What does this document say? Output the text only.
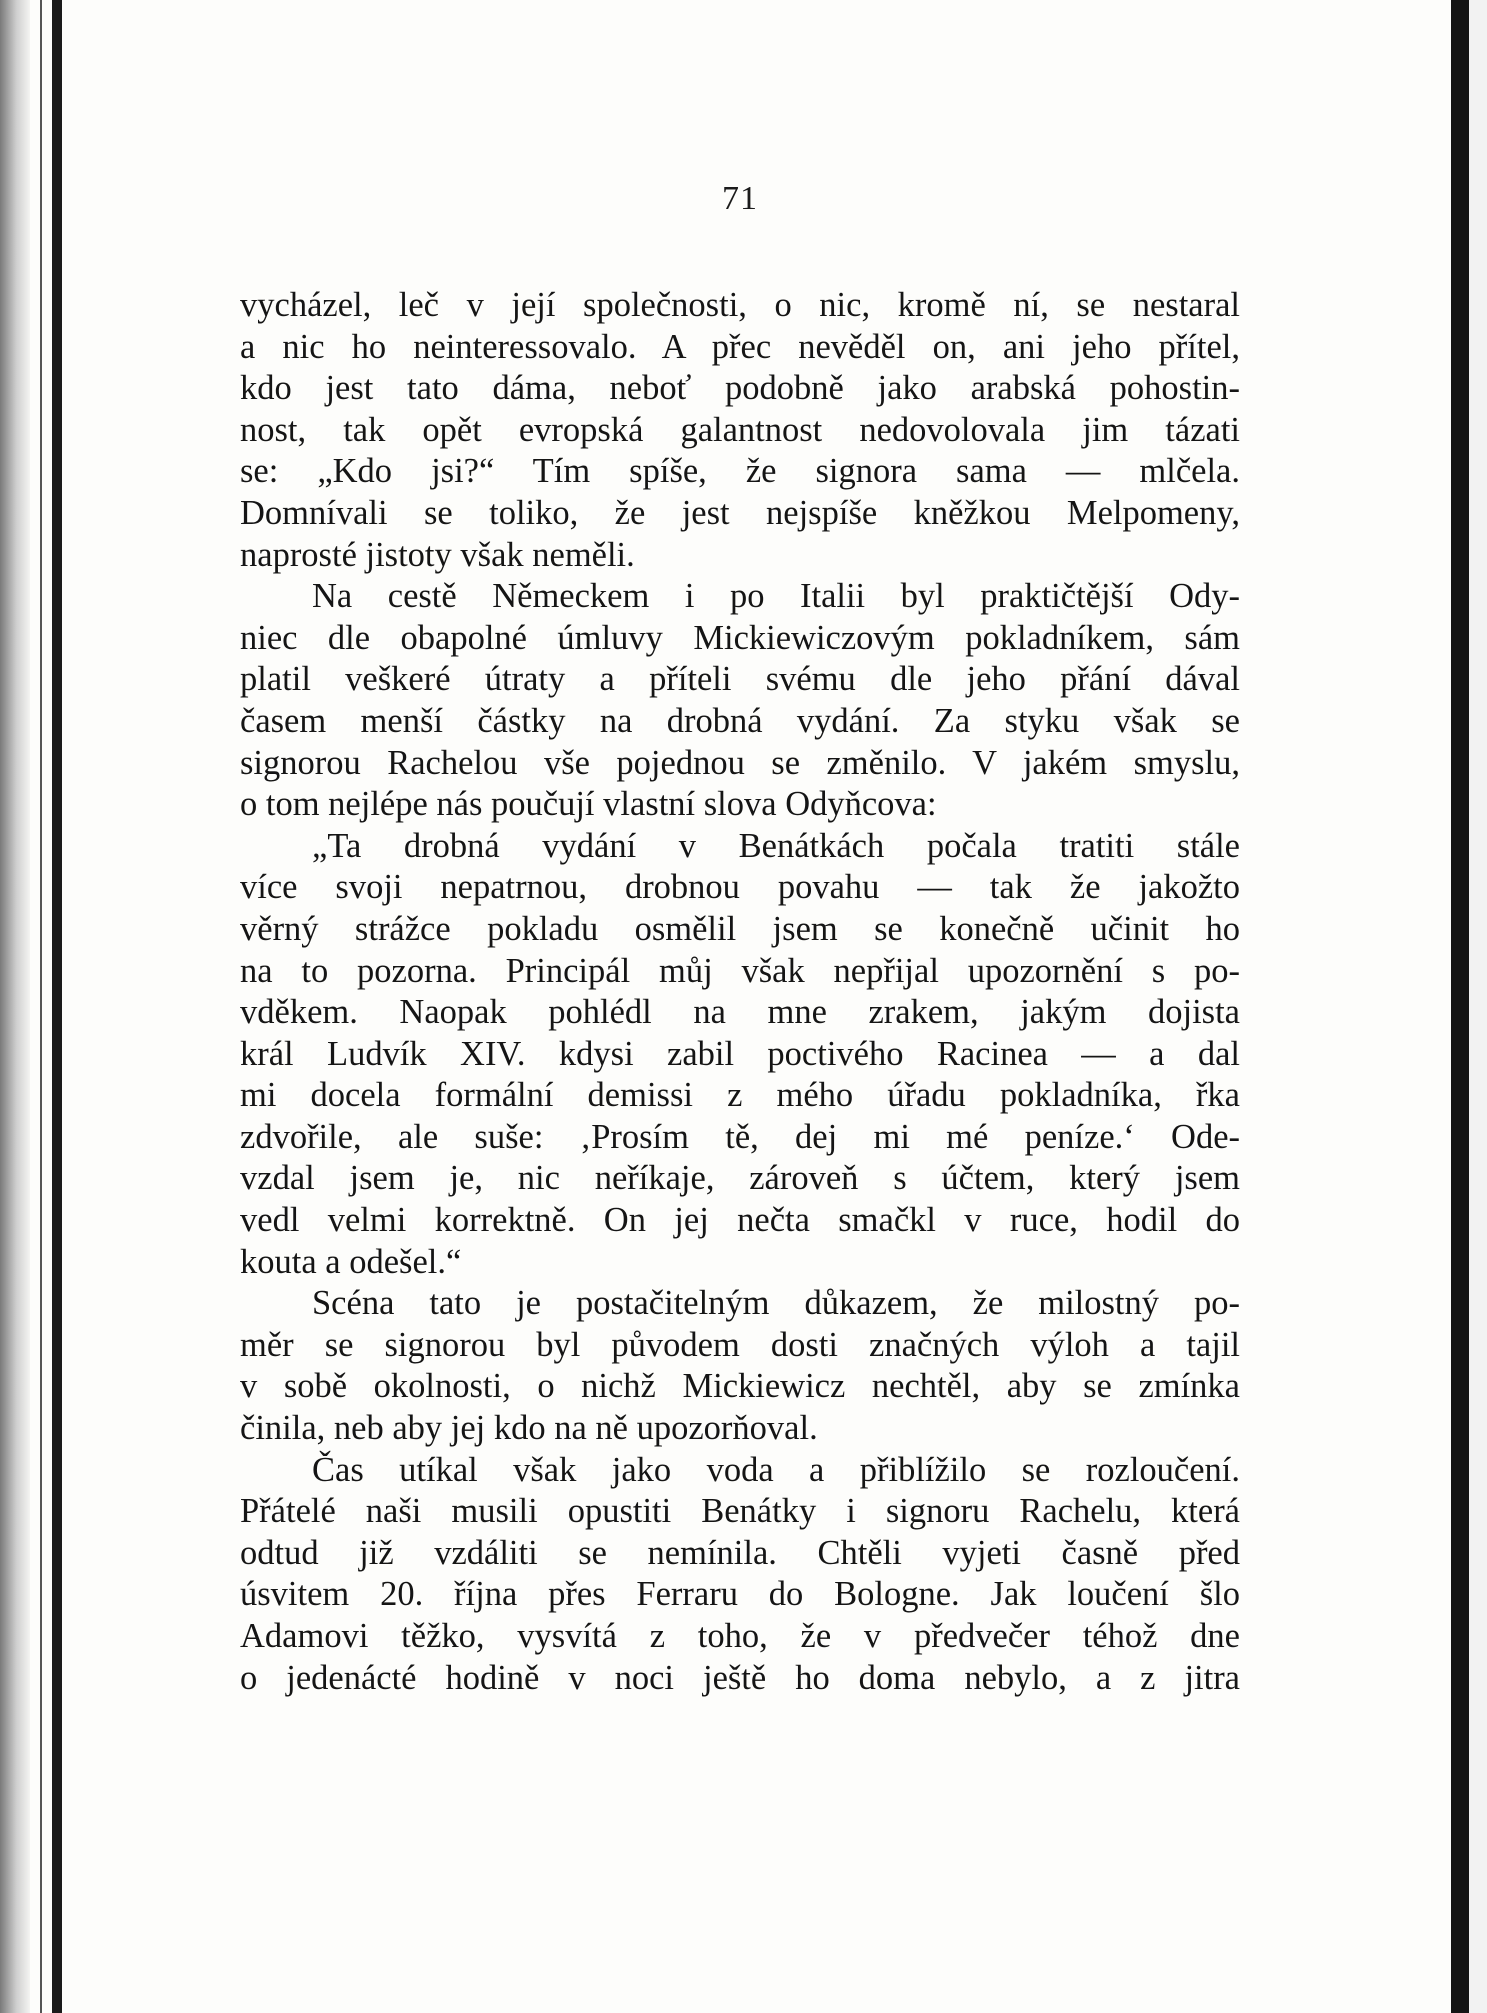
71
vycházel, leč v její společnosti, o nic, kromě ní, se nestaral
a nic ho neinteressovalo. A přec nevěděl on, ani jeho přítel,
kdo jest tato dáma, neboť podobně jako arabská pohostin-
nost, tak opět evropská galantnost nedovolovala jim tázati
se: „Kdo jsi?“ Tím spíše, že signora sama — mlčela.
Domnívali se toliko, že jest nejspíše kněžkou Melpomeny,
naprosté jistoty však neměli.
Na cestě Německem i po Italii byl praktičtější Ody-
niec dle obapolné úmluvy Mickiewiczovým pokladníkem, sám
platil veškeré útraty a příteli svému dle jeho přání dával
časem menší částky na drobná vydání. Za styku však se
signorou Rachelou vše pojednou se změnilo. V jakém smyslu,
o tom nejlépe nás poučují vlastní slova Odyňcova:
„Ta drobná vydání v Benátkách počala tratiti stále
více svoji nepatrnou, drobnou povahu — tak že jakožto
věrný strážce pokladu osmělil jsem se konečně učinit ho
na to pozorna. Principál můj však nepřijal upozornění s po-
vděkem. Naopak pohlédl na mne zrakem, jakým dojista
král Ludvík XIV. kdysi zabil poctivého Racinea — a dal
mi docela formální demissi z mého úřadu pokladníka, řka
zdvořile, ale suše: ‚Prosím tě, dej mi mé peníze.‘ Ode-
vzdal jsem je, nic neříkaje, zároveň s účtem, který jsem
vedl velmi korrektně. On jej nečta smačkl v ruce, hodil do
kouta a odešel.“
Scéna tato je postačitelným důkazem, že milostný po-
měr se signorou byl původem dosti značných výloh a tajil
v sobě okolnosti, o nichž Mickiewicz nechtěl, aby se zmínka
činila, neb aby jej kdo na ně upozorňoval.
Čas utíkal však jako voda a přiblížilo se rozloučení.
Přátelé naši musili opustiti Benátky i signoru Rachelu, která
odtud již vzdáliti se nemínila. Chtěli vyjeti časně před
úsvitem 20. října přes Ferraru do Bologne. Jak loučení šlo
Adamovi těžko, vysvítá z toho, že v předvečer téhož dne
o jedenácté hodině v noci ještě ho doma nebylo, a z jitra
